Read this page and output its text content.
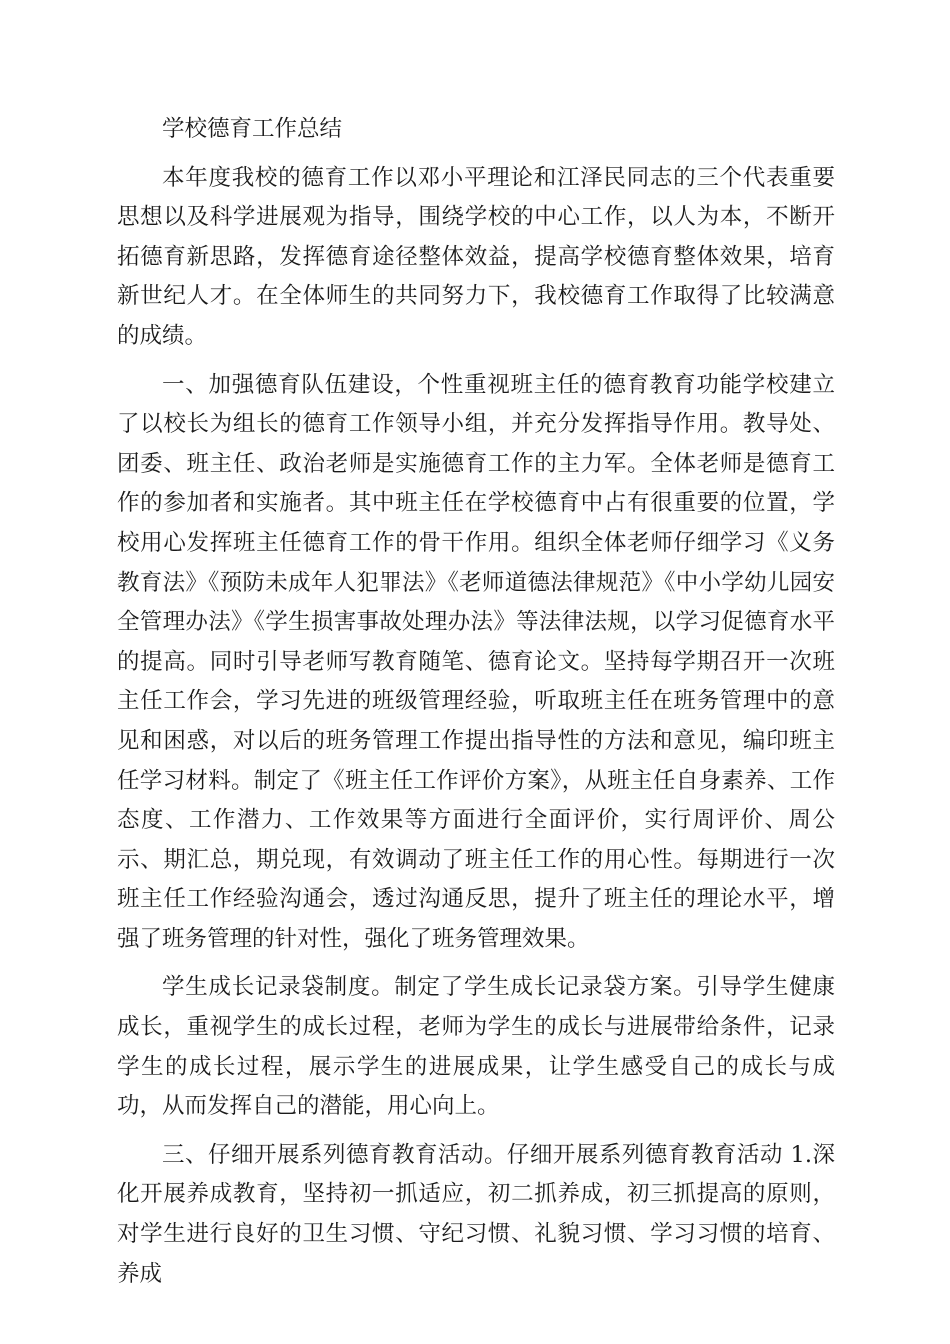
学校德育工作总结

本年度我校的德育工作以邓小平理论和江泽民同志的三个代表重要思想以及科学进展观为指导，围绕学校的中心工作，以人为本，不断开拓德育新思路，发挥德育途径整体效益，提高学校德育整体效果，培育新世纪人才。在全体师生的共同努力下，我校德育工作取得了比较满意的成绩。

一、加强德育队伍建设，个性重视班主任的德育教育功能学校建立了以校长为组长的德育工作领导小组，并充分发挥指导作用。教导处、团委、班主任、政治老师是实施德育工作的主力军。全体老师是德育工作的参加者和实施者。其中班主任在学校德育中占有很重要的位置，学校用心发挥班主任德育工作的骨干作用。组织全体老师仔细学习《义务教育法》《预防未成年人犯罪法》《老师道德法律规范》《中小学幼儿园安全管理办法》《学生损害事故处理办法》等法律法规，以学习促德育水平的提高。同时引导老师写教育随笔、德育论文。坚持每学期召开一次班主任工作会，学习先进的班级管理经验，听取班主任在班务管理中的意见和困惑，对以后的班务管理工作提出指导性的方法和意见，编印班主任学习材料。制定了《班主任工作评价方案》，从班主任自身素养、工作态度、工作潜力、工作效果等方面进行全面评价，实行周评价、周公示、期汇总，期兑现，有效调动了班主任工作的用心性。每期进行一次班主任工作经验沟通会，透过沟通反思，提升了班主任的理论水平，增强了班务管理的针对性，强化了班务管理效果。

学生成长记录袋制度。制定了学生成长记录袋方案。引导学生健康成长，重视学生的成长过程，老师为学生的成长与进展带给条件，记录学生的成长过程，展示学生的进展成果，让学生感受自己的成长与成功，从而发挥自己的潜能，用心向上。

三、仔细开展系列德育教育活动。仔细开展系列德育教育活动 1.深化开展养成教育，坚持初一抓适应，初二抓养成，初三抓提高的原则，对学生进行良好的卫生习惯、守纪习惯、礼貌习惯、学习习惯的培育、养成
